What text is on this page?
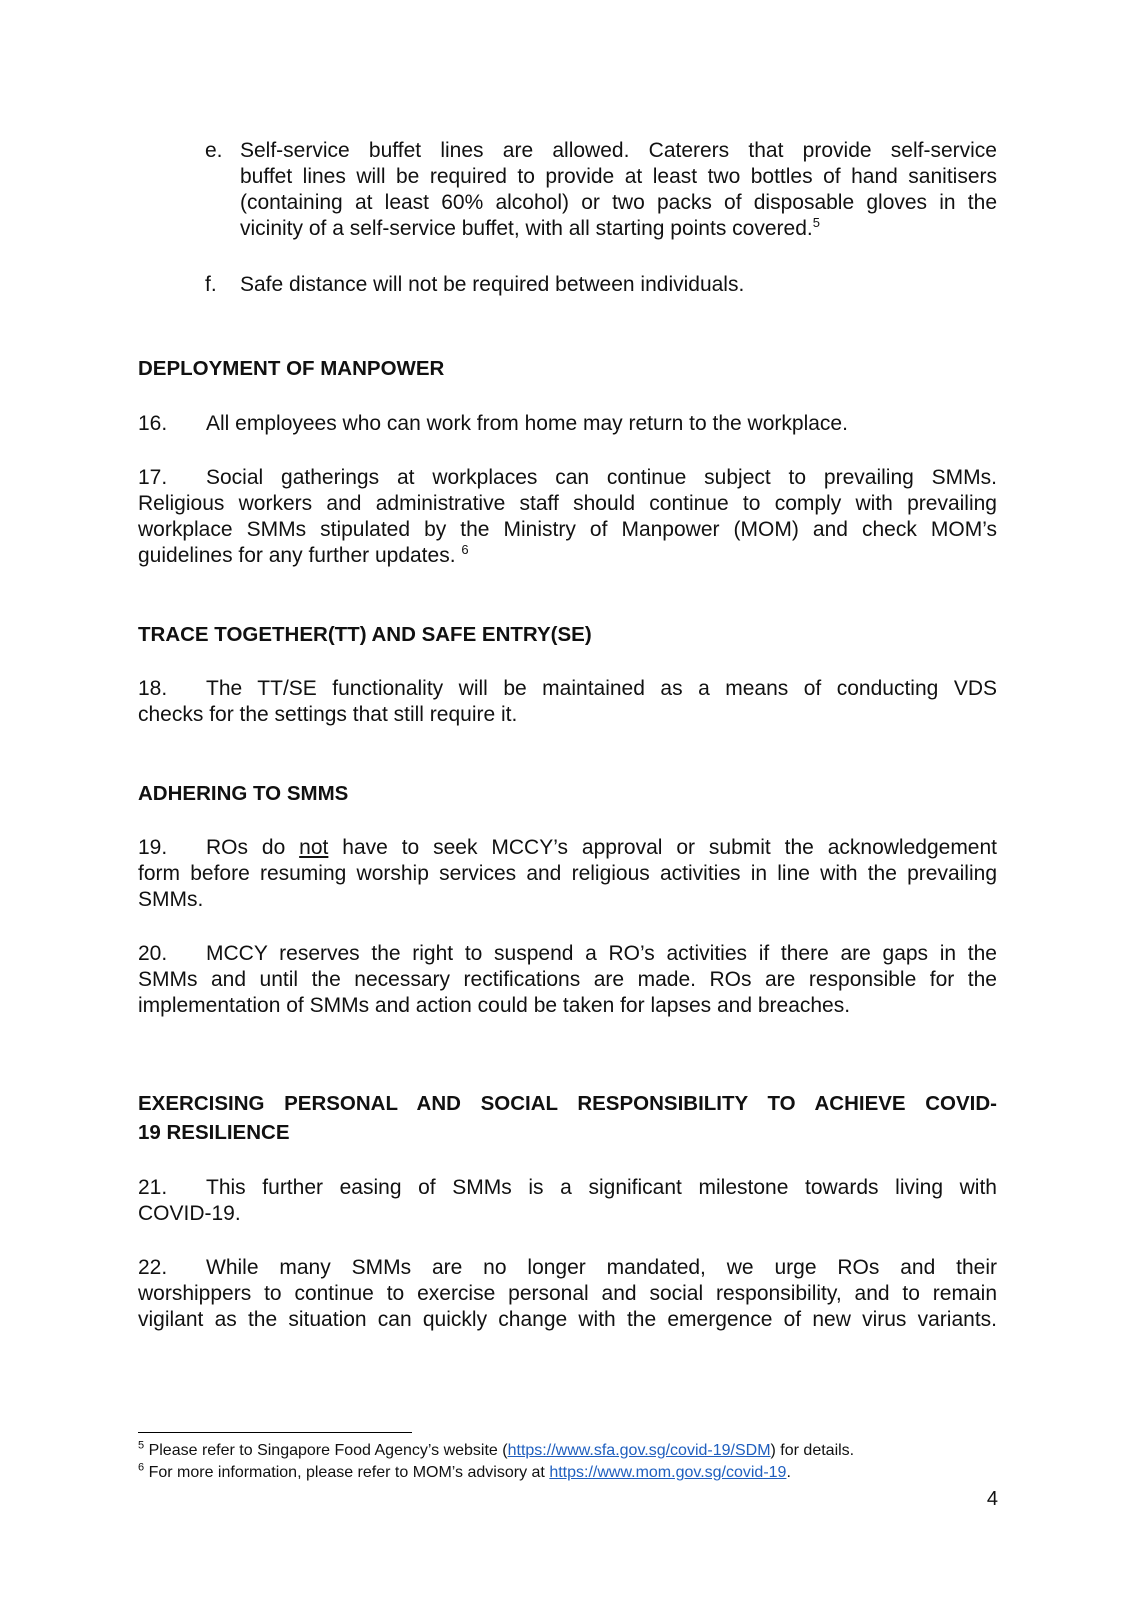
e. Self-service buffet lines are allowed. Caterers that provide self-service
buffet lines will be required to provide at least two bottles of hand sanitisers
(containing at least 60% alcohol) or two packs of disposable gloves in the
vicinity of a self-service buffet, with all starting points covered.$^5$
f. Safe distance will not be required between individuals.
DEPLOYMENT OF MANPOWER
16. All employees who can work from home may return to the workplace.
17. Social gatherings at workplaces can continue subject to prevailing SMMs.
Religious workers and administrative staff should continue to comply with prevailing
workplace SMMs stipulated by the Ministry of Manpower (MOM) and check MOM’s
guidelines for any further updates. $^6$
TRACE TOGETHER(TT) AND SAFE ENTRY(SE)
18. The TT/SE functionality will be maintained as a means of conducting VDS
checks for the settings that still require it.
ADHERING TO SMMS
19. ROs do not have to seek MCCY’s approval or submit the acknowledgement
form before resuming worship services and religious activities in line with the prevailing
SMMs.
20. MCCY reserves the right to suspend a RO’s activities if there are gaps in the
SMMs and until the necessary rectifications are made. ROs are responsible for the
implementation of SMMs and action could be taken for lapses and breaches.
EXERCISING PERSONAL AND SOCIAL RESPONSIBILITY TO ACHIEVE COVID-
19 RESILIENCE
21. This further easing of SMMs is a significant milestone towards living with
COVID-19.
22. While many SMMs are no longer mandated, we urge ROs and their
worshippers to continue to exercise personal and social responsibility, and to remain
vigilant as the situation can quickly change with the emergence of new virus variants.
$^5$ Please refer to Singapore Food Agency’s website (https://www.sfa.gov.sg/covid-19/SDM) for details.
$^6$ For more information, please refer to MOM’s advisory at https://www.mom.gov.sg/covid-19.
4
